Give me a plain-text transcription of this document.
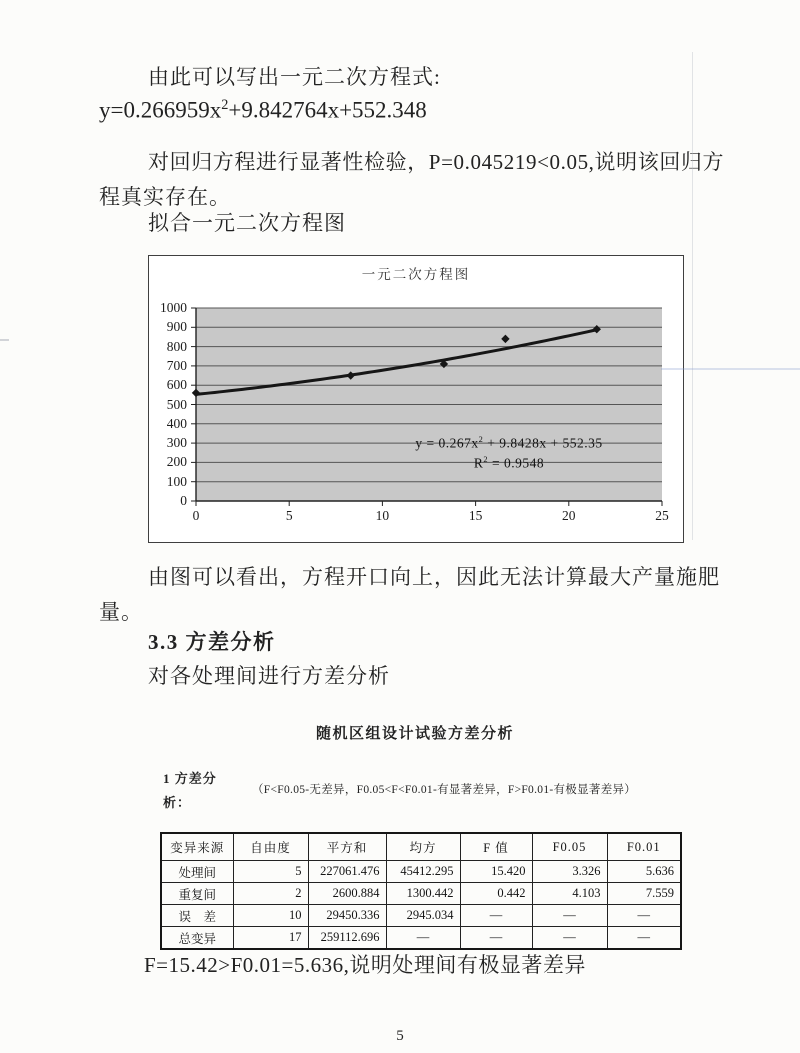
由此可以写出一元二次方程式:
$y=0.266959x^2+9.842764x+552.348$
对回归方程进行显著性检验，P=0.045219<0.05,说明该回归方
程真实存在。
拟合一元二次方程图
一元二次方程图
$y = 0.267x^2 + 9.8428x + 552.35$
$R^2 = 0.9548$
0
100
200
300
400
500
600
700
800
900
1000
0	5	10	15	20	25
由图可以看出，方程开口向上，因此无法计算最大产量施肥
量。
3.3 方差分析
对各处理间进行方差分析
随机区组设计试验方差分析
1 方差分
析：
（F<F0.05-无差异，F0.05<F<F0.01-有显著差异，F>F0.01-有极显著差异）
变异来源	自由度	平方和	均方	F 值	F0.05	F0.01
处理间	5	227061.476	45412.295	15.420	3.326	5.636
重复间	2	2600.884	1300.442	0.442	4.103	7.559
误　差	10	29450.336	2945.034	—	—	—
总变异	17	259112.696	—	—	—	—
F=15.42>F0.01=5.636,说明处理间有极显著差异
5
